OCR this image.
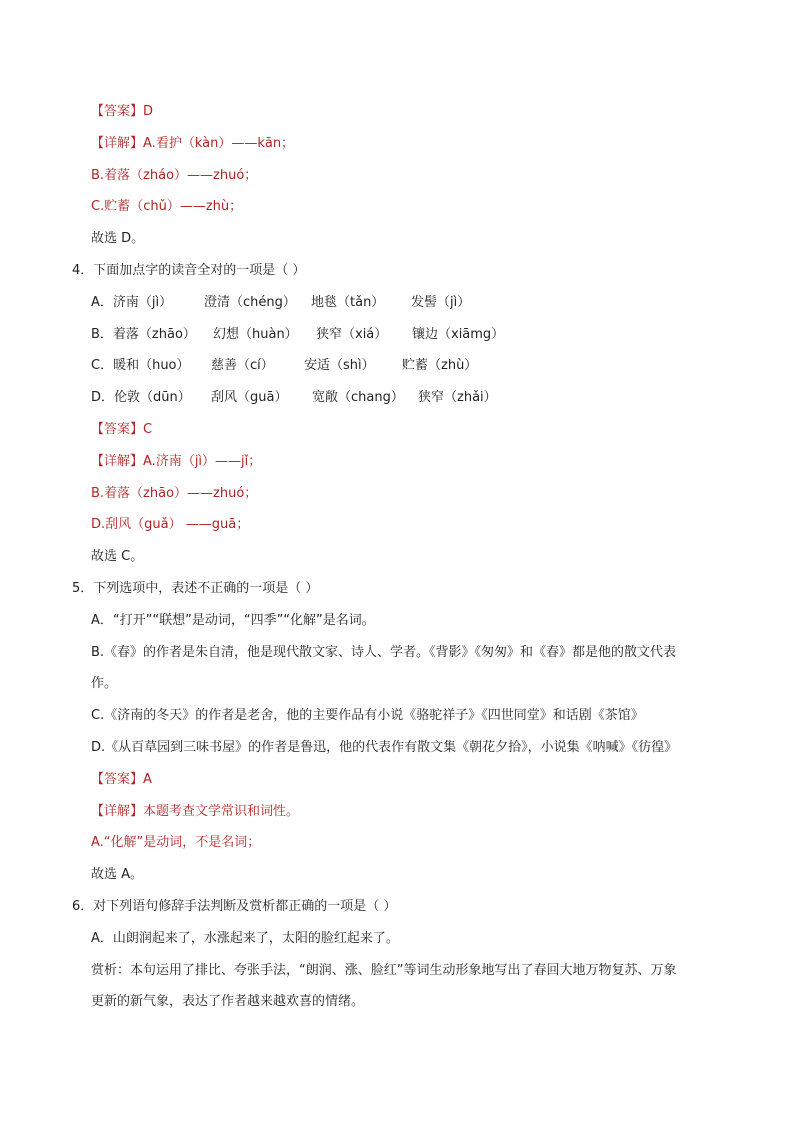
【答案】D
【详解】A.看护（kàn）——kān；
B.着落（zháo）——zhuó；
C.贮蓄（chǔ）——zhù；
故选 D。
4．下面加点字的读音全对的一项是（ ）
A．济南（jì） 澄清（chéng） 地毯（tǎn） 发髻（jì）
B．着落（zhāo） 幻想（huàn） 狭窄（xiá） 镶边（xiāmg）
C．暖和（huo） 慈善（cí） 安适（shì） 贮蓄（zhù）
D．伦敦（dūn） 刮风（guā） 宽敞（chang） 狭窄（zhǎi）
【答案】C
【详解】A.济南（jì）——jǐ；
B.着落（zhāo）——zhuó；
D.刮风（guǎ） ——guā；
故选 C。
5．下列选项中，表述不正确的一项是（ ）
A．“打开”“联想”是动词，“四季”“化解”是名词。
B.《春》的作者是朱自清，他是现代散文家、诗人、学者。《背影》《匆匆》和《春》都是他的散文代表
作。
C.《济南的冬天》的作者是老舍，他的主要作品有小说《骆驼祥子》《四世同堂》和话剧《茶馆》
D.《从百草园到三味书屋》的作者是鲁迅，他的代表作有散文集《朝花夕拾》，小说集《呐喊》《彷徨》
【答案】A
【详解】本题考查文学常识和词性。
A.“化解”是动词，不是名词；
故选 A。
6．对下列语句修辞手法判断及赏析都正确的一项是（ ）
A．山朗润起来了，水涨起来了，太阳的脸红起来了。
赏析：本句运用了排比、夸张手法，“朗润、涨、脸红”等词生动形象地写出了春回大地万物复苏、万象
更新的新气象，表达了作者越来越欢喜的情绪。
